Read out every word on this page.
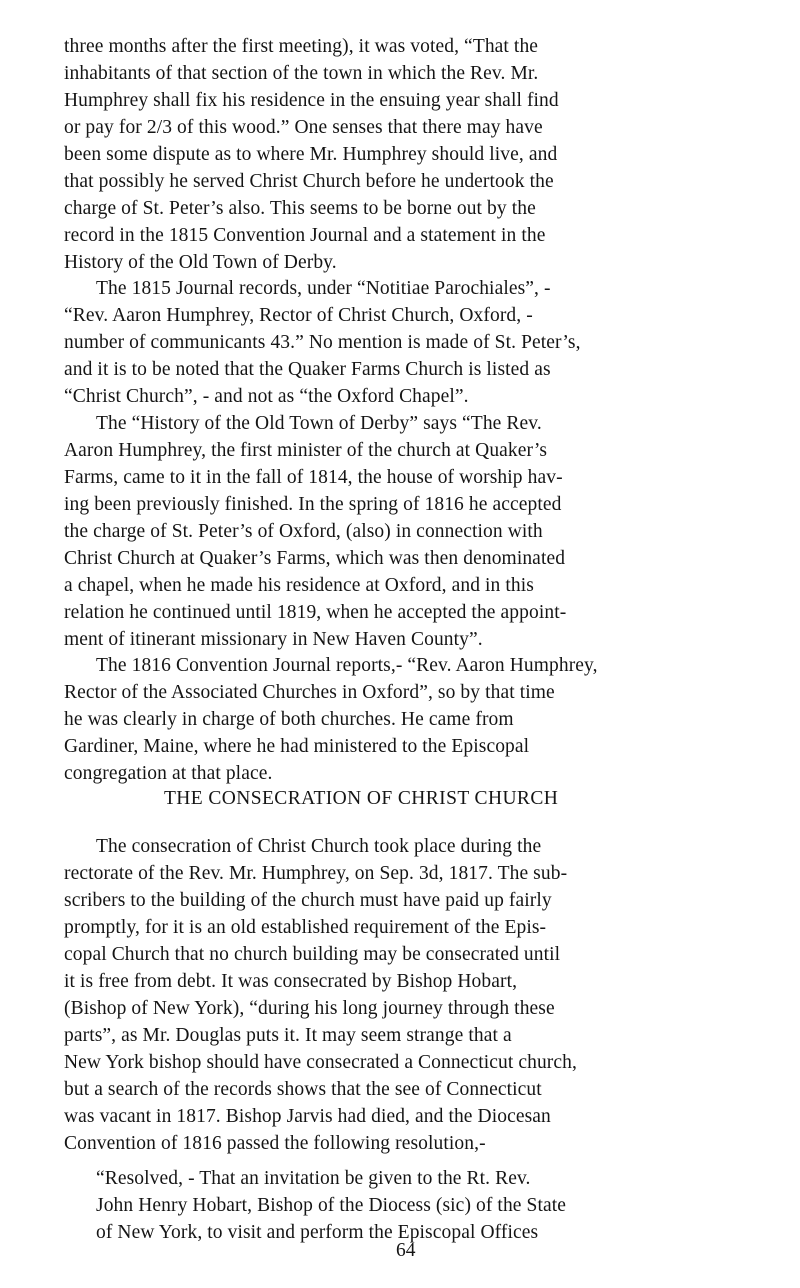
three months after the first meeting), it was voted, “That the
inhabitants of that section of the town in which the Rev. Mr.
Humphrey shall fix his residence in the ensuing year shall find
or pay for 2/3 of this wood.” One senses that there may have
been some dispute as to where Mr. Humphrey should live, and
that possibly he served Christ Church before he undertook the
charge of St. Peter’s also. This seems to be borne out by the
record in the 1815 Convention Journal and a statement in the
History of the Old Town of Derby.
The 1815 Journal records, under “Notitiae Parochiales”, -
“Rev. Aaron Humphrey, Rector of Christ Church, Oxford, -
number of communicants 43.” No mention is made of St. Peter’s,
and it is to be noted that the Quaker Farms Church is listed as
“Christ Church”, - and not as “the Oxford Chapel”.
The “History of the Old Town of Derby” says “The Rev.
Aaron Humphrey, the first minister of the church at Quaker’s
Farms, came to it in the fall of 1814, the house of worship hav-
ing been previously finished. In the spring of 1816 he accepted
the charge of St. Peter’s of Oxford, (also) in connection with
Christ Church at Quaker’s Farms, which was then denominated
a chapel, when he made his residence at Oxford, and in this
relation he continued until 1819, when he accepted the appoint-
ment of itinerant missionary in New Haven County”.
The 1816 Convention Journal reports,- “Rev. Aaron Humphrey,
Rector of the Associated Churches in Oxford”, so by that time
he was clearly in charge of both churches. He came from
Gardiner, Maine, where he had ministered to the Episcopal
congregation at that place.
THE CONSECRATION OF CHRIST CHURCH
The consecration of Christ Church took place during the
rectorate of the Rev. Mr. Humphrey, on Sep. 3d, 1817. The sub-
scribers to the building of the church must have paid up fairly
promptly, for it is an old established requirement of the Epis-
copal Church that no church building may be consecrated until
it is free from debt. It was consecrated by Bishop Hobart,
(Bishop of New York), “during his long journey through these
parts”, as Mr. Douglas puts it. It may seem strange that a
New York bishop should have consecrated a Connecticut church,
but a search of the records shows that the see of Connecticut
was vacant in 1817. Bishop Jarvis had died, and the Diocesan
Convention of 1816 passed the following resolution,-
“Resolved, - That an invitation be given to the Rt. Rev.
John Henry Hobart, Bishop of the Diocess (sic) of the State
of New York, to visit and perform the Episcopal Offices
64
